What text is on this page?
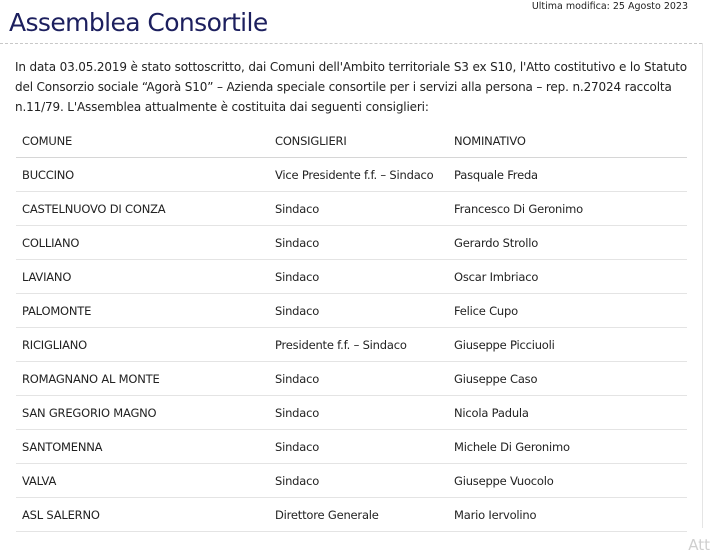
Assemblea Consortile
Ultima modifica: 25 Agosto 2023

In data 03.05.2019 è stato sottoscritto, dai Comuni dell'Ambito territoriale S3 ex S10, l'Atto costitutivo e lo Statuto del Consorzio sociale “Agorà S10” – Azienda speciale consortile per i servizi alla persona – rep. n.27024 raccolta n.11/79. L'Assemblea attualmente è costituita dai seguenti consiglieri:

COMUNE	CONSIGLIERI	NOMINATIVO
BUCCINO	Vice Presidente f.f. – Sindaco	Pasquale Freda
CASTELNUOVO DI CONZA	Sindaco	Francesco Di Geronimo
COLLIANO	Sindaco	Gerardo Strollo
LAVIANO	Sindaco	Oscar Imbriaco
PALOMONTE	Sindaco	Felice Cupo
RICIGLIANO	Presidente f.f. – Sindaco	Giuseppe Picciuoli
ROMAGNANO AL MONTE	Sindaco	Giuseppe Caso
SAN GREGORIO MAGNO	Sindaco	Nicola Padula
SANTOMENNA	Sindaco	Michele Di Geronimo
VALVA	Sindaco	Giuseppe Vuocolo
ASL SALERNO	Direttore Generale	Mario Iervolino
Att
